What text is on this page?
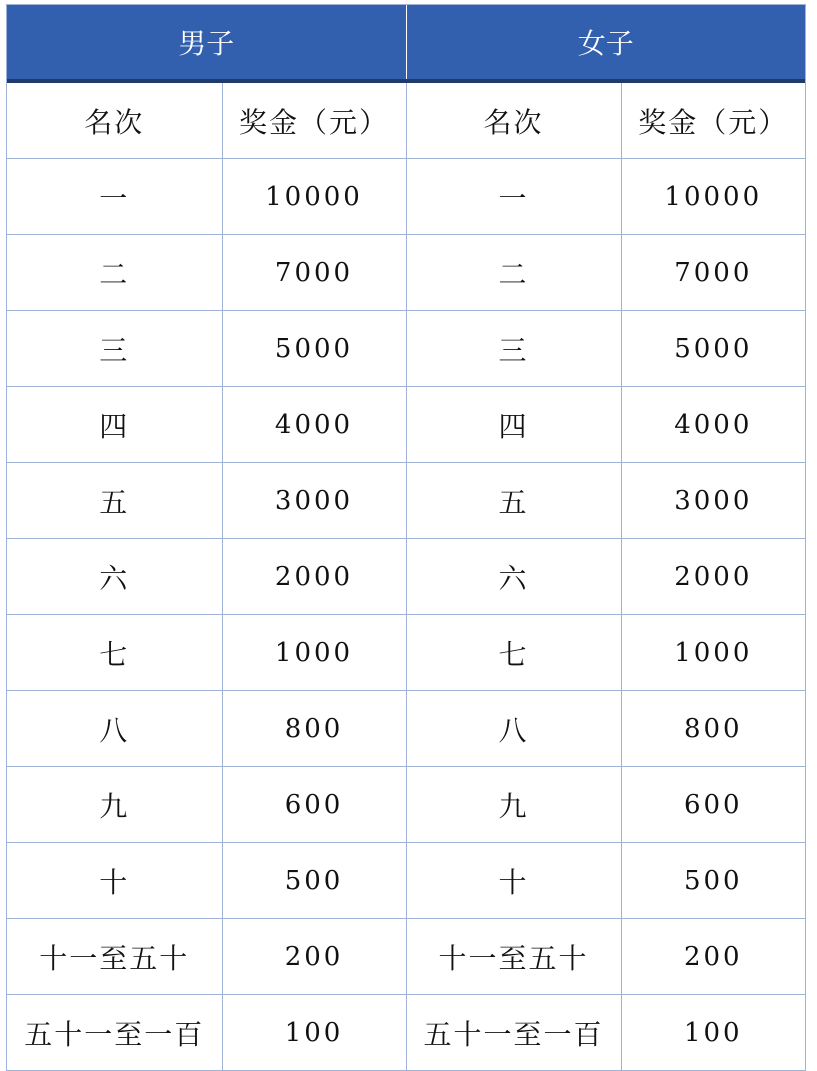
男子		女子	
名次	奖金（元）	名次	奖金（元）
一	10000	一	10000
二	7000	二	7000
三	5000	三	5000
四	4000	四	4000
五	3000	五	3000
六	2000	六	2000
七	1000	七	1000
八	800	八	800
九	600	九	600
十	500	十	500
十一至五十	200	十一至五十	200
五十一至一百	100	五十一至一百	100
